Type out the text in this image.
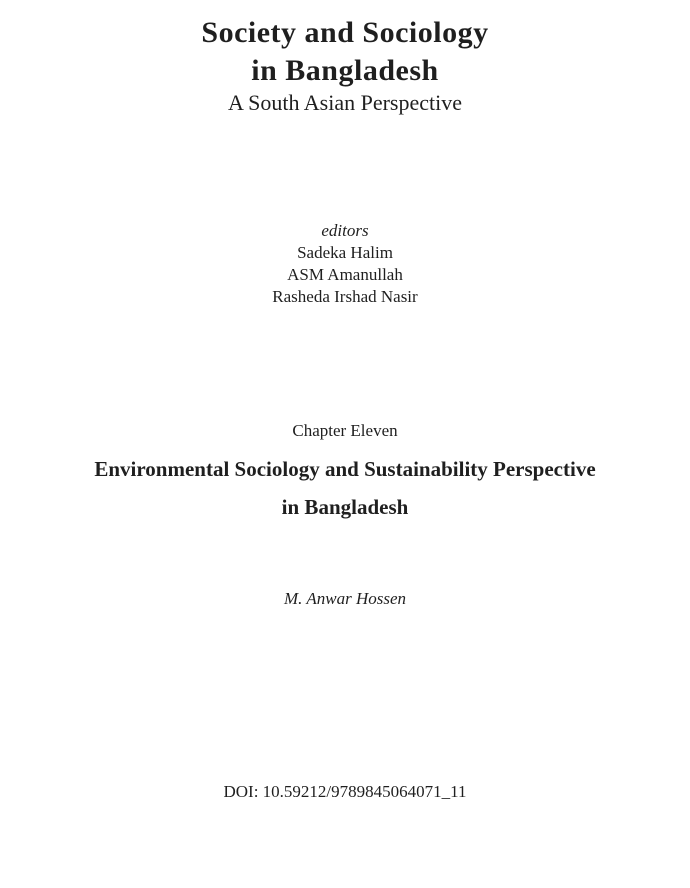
Society and Sociology
in Bangladesh
A South Asian Perspective
editors
Sadeka Halim
ASM Amanullah
Rasheda Irshad Nasir
Chapter Eleven
Environmental Sociology and Sustainability Perspective
in Bangladesh
M. Anwar Hossen
DOI: 10.59212/9789845064071_11
